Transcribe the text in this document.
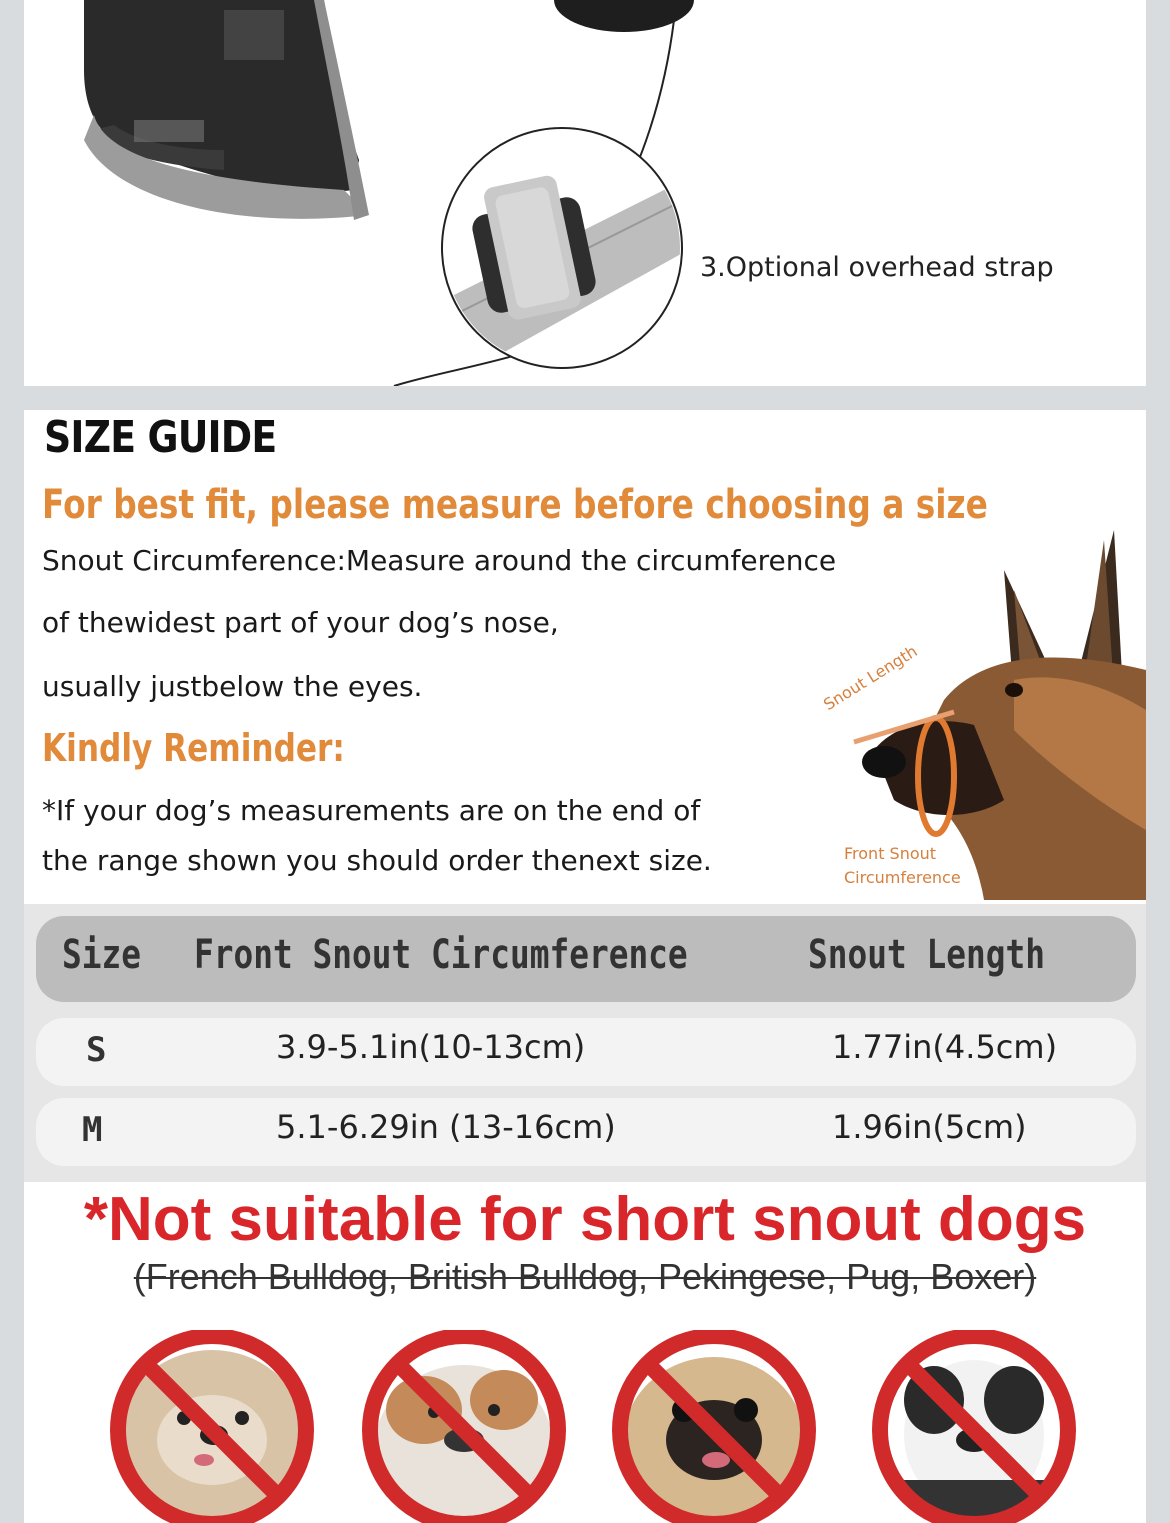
3.Optional overhead strap
SIZE GUIDE
For best fit, please measure before choosing a size
Snout Circumference:Measure around the circumference
of thewidest part of your dog’s nose,
usually justbelow the eyes.
Kindly Reminder:
*If your dog’s measurements are on the end of
the range shown you should order thenext size.
Snout Length
Front Snout
Circumference
Size Front Snout Circumference	Snout Length
S	3.9-5.1in(10-13cm)	1.77in(4.5cm)
M	5.1-6.29in (13-16cm)	1.96in(5cm)
*Not suitable for short snout dogs
(French Bulldog, British Bulldog, Pekingese, Pug, Boxer)
